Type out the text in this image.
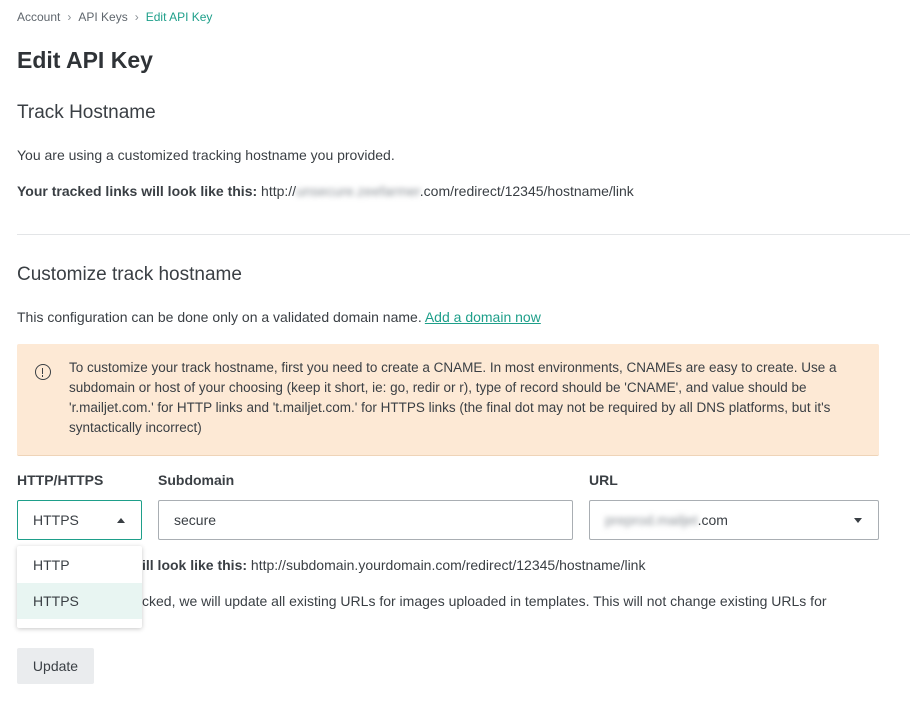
Account › API Keys › Edit API Key
Edit API Key
Track Hostname
You are using a customized tracking hostname you provided.
Your tracked links will look like this: http://unsecure.zeefarmer.com/redirect/12345/hostname/link
Customize track hostname
This configuration can be done only on a validated domain name. Add a domain now
To customize your track hostname, first you need to create a CNAME. In most environments, CNAMEs are easy to create. Use a subdomain or host of your choosing (keep it short, ie: go, redir or r), type of record should be 'CNAME', and value should be 'r.mailjet.com.' for HTTP links and 't.mailjet.com.' for HTTPS links (the final dot may not be required by all DNS platforms, but it's syntactically incorrect)
HTTP/HTTPS	Subdomain	URL
HTTPS	secure	preprod.mailjet .com
ill look like this: http://subdomain.yourdomain.com/redirect/12345/hostname/link
cked, we will update all existing URLs for images uploaded in templates. This will not change existing URLs for
HTTP
HTTPS
Update
